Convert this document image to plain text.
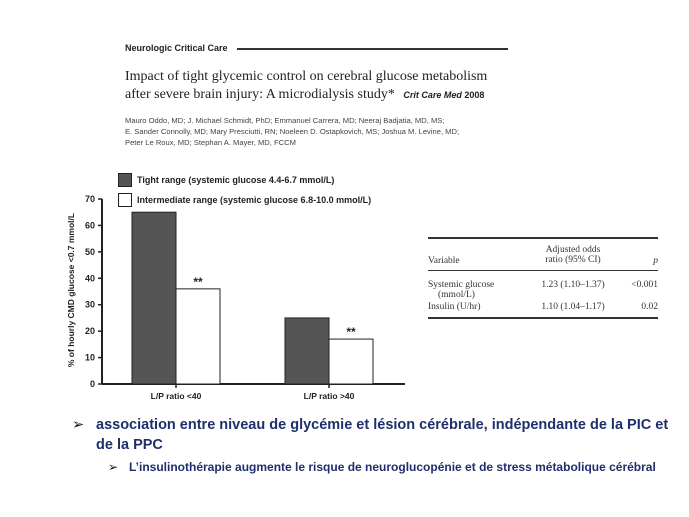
Neurologic Critical Care
Impact of tight glycemic control on cerebral glucose metabolism
after severe brain injury: A microdialysis study* Crit Care Med 2008
Mauro Oddo, MD; J. Michael Schmidt, PhD; Emmanuel Carrera, MD; Neeraj Badjatia, MD, MS;
E. Sander Connolly, MD; Mary Presciutti, RN; Noeleen D. Ostapkovich, MS; Joshua M. Levine, MD;
Peter Le Roux, MD; Stephan A. Mayer, MD, FCCM
Tight range (systemic glucose 4.4-6.7 mmol/L)
Intermediate range (systemic glucose 6.8-10.0 mmol/L)
% of hourly CMD glucose <0.7 mmol/L
0
10
20
30
40
50
60
70
**
L/P ratio <40
**
L/P ratio >40
Variable
Adjusted odds
ratio (95% CI)	p
Systemic glucose
(mmol/L)
1.23 (1.10–1.37)	<0.001
Insulin (U/hr)	1.10 (1.04–1.17)	0.02
➢ association entre niveau de glycémie et lésion cérébrale, indépendante de la PIC et de la PPC
➢ L’insulinothérapie augmente le risque de neuroglucopénie et de stress métabolique cérébral
